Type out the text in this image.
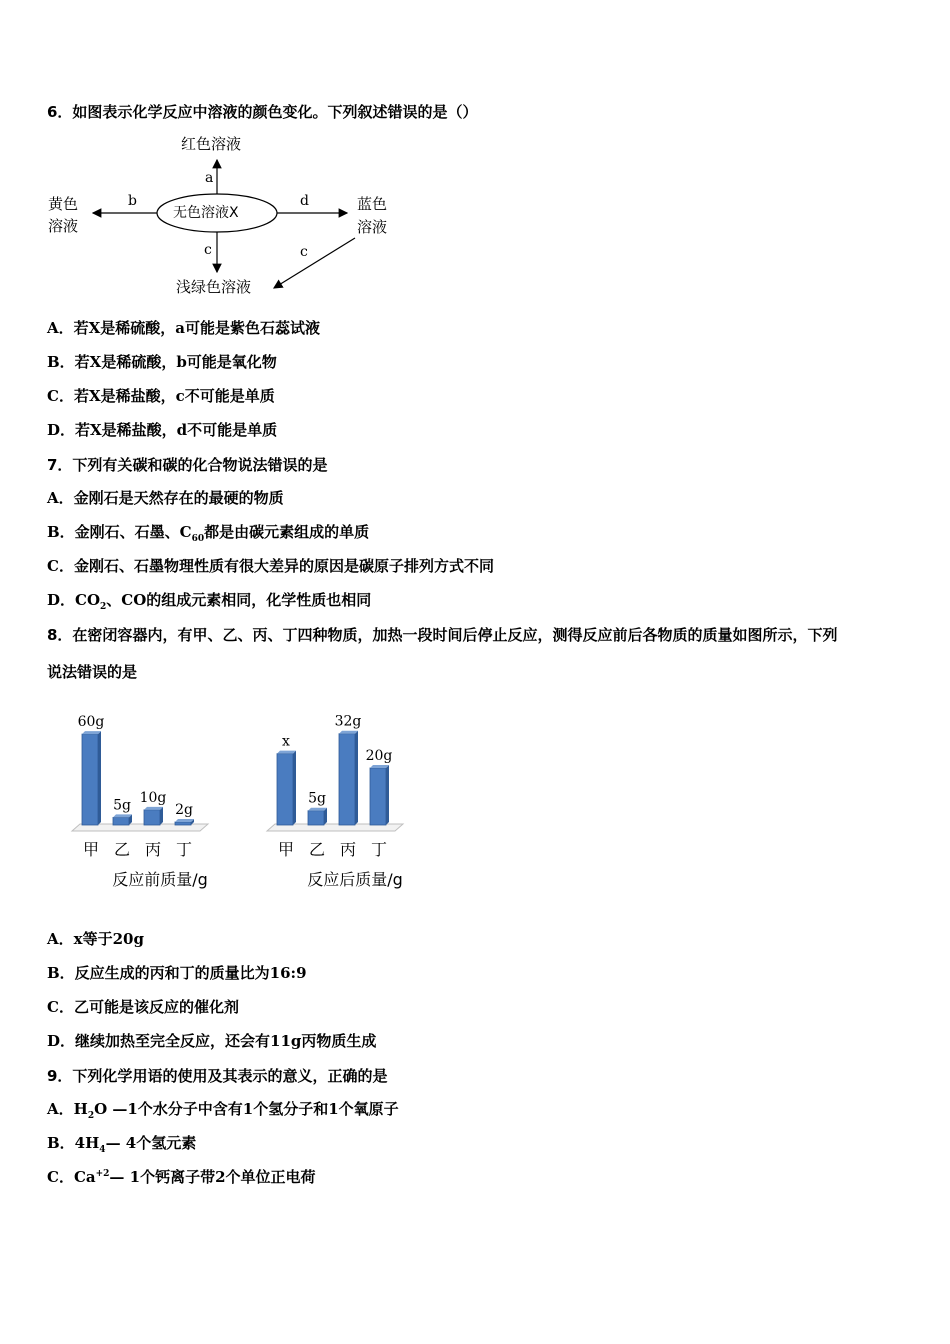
6．如图表示化学反应中溶液的颜色变化。下列叙述错误的是（）
红色溶液
无色溶液X
黄色
溶液
蓝色
溶液
浅绿色溶液
a
b	d
c	c
A．若X是稀硫酸，a可能是紫色石蕊试液
B．若X是稀硫酸，b可能是氧化物
C．若X是稀盐酸，c不可能是单质
D．若X是稀盐酸，d不可能是单质
7．下列有关碳和碳的化合物说法错误的是
A．金刚石是天然存在的最硬的物质
B．金刚石、石墨、$C_{60}$都是由碳元素组成的单质
C．金刚石、石墨物理性质有很大差异的原因是碳原子排列方式不同
D．$CO_2$、CO的组成元素相同，化学性质也相同
8．在密闭容器内，有甲、乙、丙、丁四种物质，加热一段时间后停止反应，测得反应前后各物质的质量如图所示，下列
说法错误的是
60g
甲
5g
乙
10g
丙
2g
丁
反应前质量/g
x
甲
5g
乙
32g
丙
20g
丁
反应后质量/g
A．x等于20g
B．反应生成的丙和丁的质量比为16:9
C．乙可能是该反应的催化剂
D．继续加热至完全反应，还会有11g丙物质生成
9．下列化学用语的使用及其表示的意义，正确的是
A．$H_2O$ —1个水分子中含有1个氢分子和1个氧原子
B．$4H_4—$ 4个氢元素
C．$Ca^{+2}—$ 1个钙离子带2个单位正电荷
